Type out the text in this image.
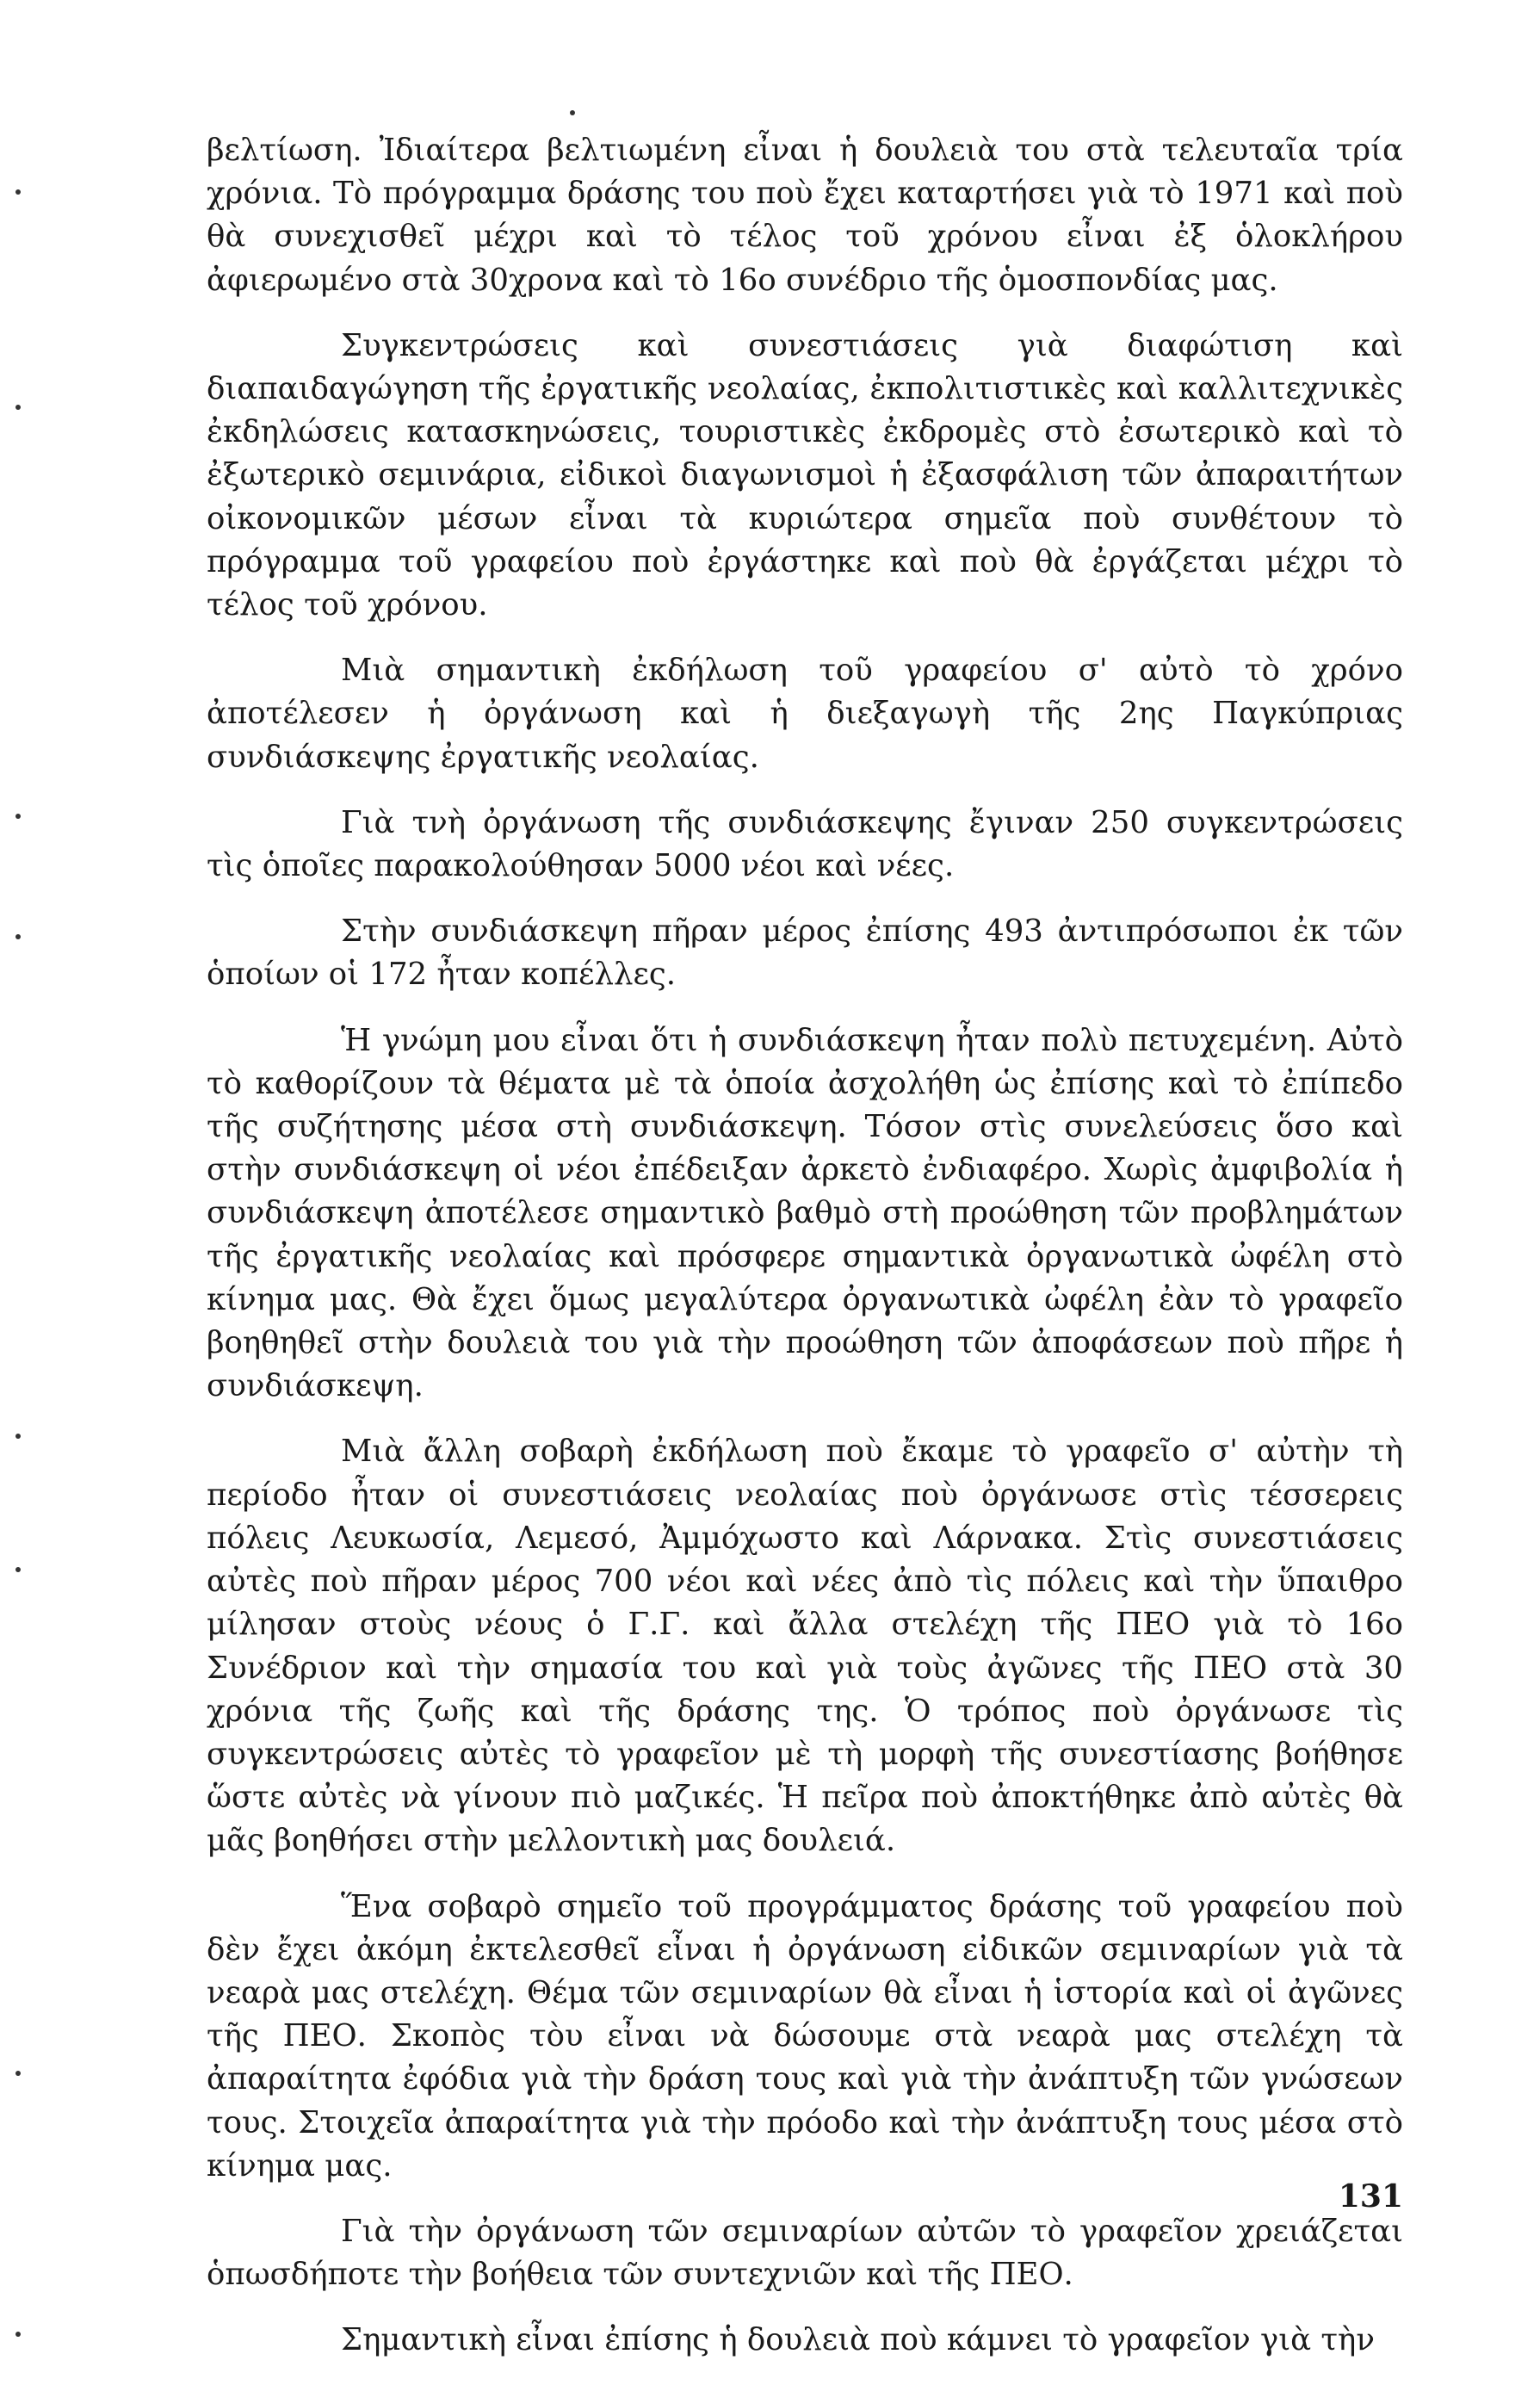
βελτίωση. Ἰδιαίτερα βελτιωμένη εἶναι ἡ δουλειὰ του στὰ τελευταῖα τρία χρόνια. Τὸ πρόγραμμα δράσης του ποὺ ἔχει καταρτήσει γιὰ τὸ 1971 καὶ ποὺ θὰ συνεχισθεῖ μέχρι καὶ τὸ τέλος τοῦ χρόνου εἶναι ἐξ ὁλοκλήρου ἀφιερωμένο στὰ 30χρονα καὶ τὸ 16ο συνέδριο τῆς ὁμοσπονδίας μας.

Συγκεντρώσεις καὶ συνεστιάσεις γιὰ διαφώτιση καὶ διαπαιδαγώγηση τῆς ἐργατικῆς νεολαίας, ἐκπολιτιστικὲς καὶ καλλιτεχνικὲς ἐκδηλώσεις κατασκηνώσεις, τουριστικὲς ἐκδρομὲς στὸ ἐσωτερικὸ καὶ τὸ ἐξωτερικὸ σεμινάρια, εἰδικοὶ διαγωνισμοὶ ἡ ἐξασφάλιση τῶν ἀπαραιτήτων οἰκονομικῶν μέσων εἶναι τὰ κυριώτερα σημεῖα ποὺ συνθέτουν τὸ πρόγραμμα τοῦ γραφείου ποὺ ἐργάστηκε καὶ ποὺ θὰ ἐργάζεται μέχρι τὸ τέλος τοῦ χρόνου.

Μιὰ σημαντικὴ ἐκδήλωση τοῦ γραφείου σ' αὐτὸ τὸ χρόνο ἀποτέλεσεν ἡ ὀργάνωση καὶ ἡ διεξαγωγὴ τῆς 2ης Παγκύπριας συνδιάσκεψης ἐργατικῆς νεολαίας.

Γιὰ τνὴ ὀργάνωση τῆς συνδιάσκεψης ἔγιναν 250 συγκεντρώσεις τὶς ὁποῖες παρακολούθησαν 5000 νέοι καὶ νέες.

Στὴν συνδιάσκεψη πῆραν μέρος ἐπίσης 493 ἀντιπρόσωποι ἐκ τῶν ὁποίων οἱ 172 ἦταν κοπέλλες.

Ἡ γνώμη μου εἶναι ὅτι ἡ συνδιάσκεψη ἦταν πολὺ πετυχεμένη. Αὐτὸ τὸ καθορίζουν τὰ θέματα μὲ τὰ ὁποία ἀσχολήθη ὡς ἐπίσης καὶ τὸ ἐπίπεδο τῆς συζήτησης μέσα στὴ συνδιάσκεψη. Τόσον στὶς συνελεύσεις ὅσο καὶ στὴν συνδιάσκεψη οἱ νέοι ἐπέδειξαν ἀρκετὸ ἐνδιαφέρο. Χωρὶς ἀμφιβολία ἡ συνδιάσκεψη ἀποτέλεσε σημαντικὸ βαθμὸ στὴ προώθηση τῶν προβλημάτων τῆς ἐργατικῆς νεολαίας καὶ πρόσφερε σημαντικὰ ὀργανωτικὰ ὠφέλη στὸ κίνημα μας. Θὰ ἔχει ὅμως μεγαλύτερα ὀργανωτικὰ ὠφέλη ἐὰν τὸ γραφεῖο βοηθηθεῖ στὴν δουλειὰ του γιὰ τὴν προώθηση τῶν ἀποφάσεων ποὺ πῆρε ἡ συνδιάσκεψη.

Μιὰ ἄλλη σοβαρὴ ἐκδήλωση ποὺ ἔκαμε τὸ γραφεῖο σ' αὐτὴν τὴ περίοδο ἦταν οἱ συνεστιάσεις νεολαίας ποὺ ὀργάνωσε στὶς τέσσερεις πόλεις Λευκωσία, Λεμεσό, Ἀμμόχωστο καὶ Λάρνακα. Στὶς συνεστιάσεις αὐτὲς ποὺ πῆραν μέρος 700 νέοι καὶ νέες ἀπὸ τὶς πόλεις καὶ τὴν ὕπαιθρο μίλησαν στοὺς νέους ὁ Γ.Γ. καὶ ἄλλα στελέχη τῆς ΠΕΟ γιὰ τὸ 16ο Συνέδριον καὶ τὴν σημασία του καὶ γιὰ τοὺς ἀγῶνες τῆς ΠΕΟ στὰ 30 χρόνια τῆς ζωῆς καὶ τῆς δράσης της. Ὁ τρόπος ποὺ ὀργάνωσε τὶς συγκεντρώσεις αὐτὲς τὸ γραφεῖον μὲ τὴ μορφὴ τῆς συνεστίασης βοήθησε ὥστε αὐτὲς νὰ γίνουν πιὸ μαζικές. Ἡ πεῖρα ποὺ ἀποκτήθηκε ἀπὸ αὐτὲς θὰ μᾶς βοηθήσει στὴν μελλοντικὴ μας δουλειά.

Ἕνα σοβαρὸ σημεῖο τοῦ προγράμματος δράσης τοῦ γραφείου ποὺ δὲν ἔχει ἀκόμη ἐκτελεσθεῖ εἶναι ἡ ὀργάνωση εἰδικῶν σεμιναρίων γιὰ τὰ νεαρὰ μας στελέχη. Θέμα τῶν σεμιναρίων θὰ εἶναι ἡ ἱστορία καὶ οἱ ἀγῶνες τῆς ΠΕΟ. Σκοπὸς τὸυ εἶναι νὰ δώσουμε στὰ νεαρὰ μας στελέχη τὰ ἀπαραίτητα ἐφόδια γιὰ τὴν δράση τους καὶ γιὰ τὴν ἀνάπτυξη τῶν γνώσεων τους. Στοιχεῖα ἀπαραίτητα γιὰ τὴν πρόοδο καὶ τὴν ἀνάπτυξη τους μέσα στὸ κίνημα μας.

Γιὰ τὴν ὀργάνωση τῶν σεμιναρίων αὐτῶν τὸ γραφεῖον χρειάζεται ὁπωσδήποτε τὴν βοήθεια τῶν συντεχνιῶν καὶ τῆς ΠΕΟ.

Σημαντικὴ εἶναι ἐπίσης ἡ δουλειὰ ποὺ κάμνει τὸ γραφεῖον γιὰ τὴν

131
